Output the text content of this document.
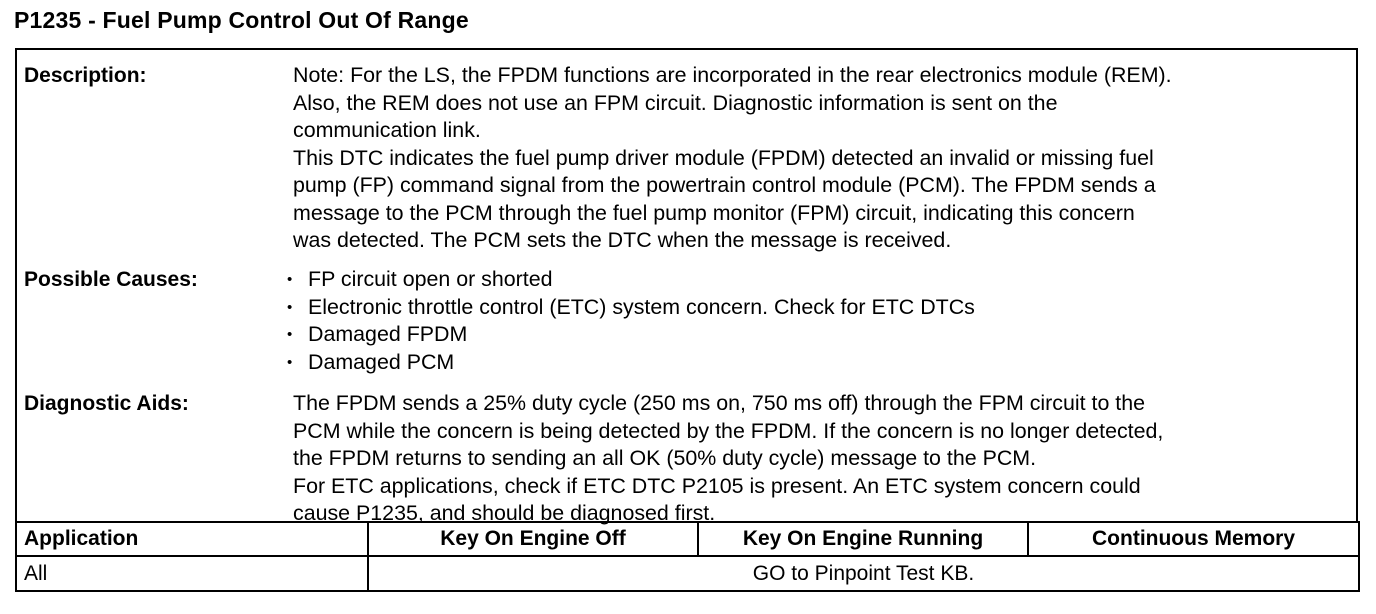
P1235 - Fuel Pump Control Out Of Range
Description:	Note: For the LS, the FPDM functions are incorporated in the rear electronics module (REM).
Also, the REM does not use an FPM circuit. Diagnostic information is sent on the
communication link.
This DTC indicates the fuel pump driver module (FPDM) detected an invalid or missing fuel
pump (FP) command signal from the powertrain control module (PCM). The FPDM sends a
message to the PCM through the fuel pump monitor (FPM) circuit, indicating this concern
was detected. The PCM sets the DTC when the message is received.
Possible Causes:	• FP circuit open or shorted
• Electronic throttle control (ETC) system concern. Check for ETC DTCs
• Damaged FPDM
• Damaged PCM
Diagnostic Aids:	The FPDM sends a 25% duty cycle (250 ms on, 750 ms off) through the FPM circuit to the
PCM while the concern is being detected by the FPDM. If the concern is no longer detected,
the FPDM returns to sending an all OK (50% duty cycle) message to the PCM.
For ETC applications, check if ETC DTC P2105 is present. An ETC system concern could
cause P1235, and should be diagnosed first.
Application	Key On Engine Off	Key On Engine Running	Continuous Memory
All	GO to Pinpoint Test KB.		
